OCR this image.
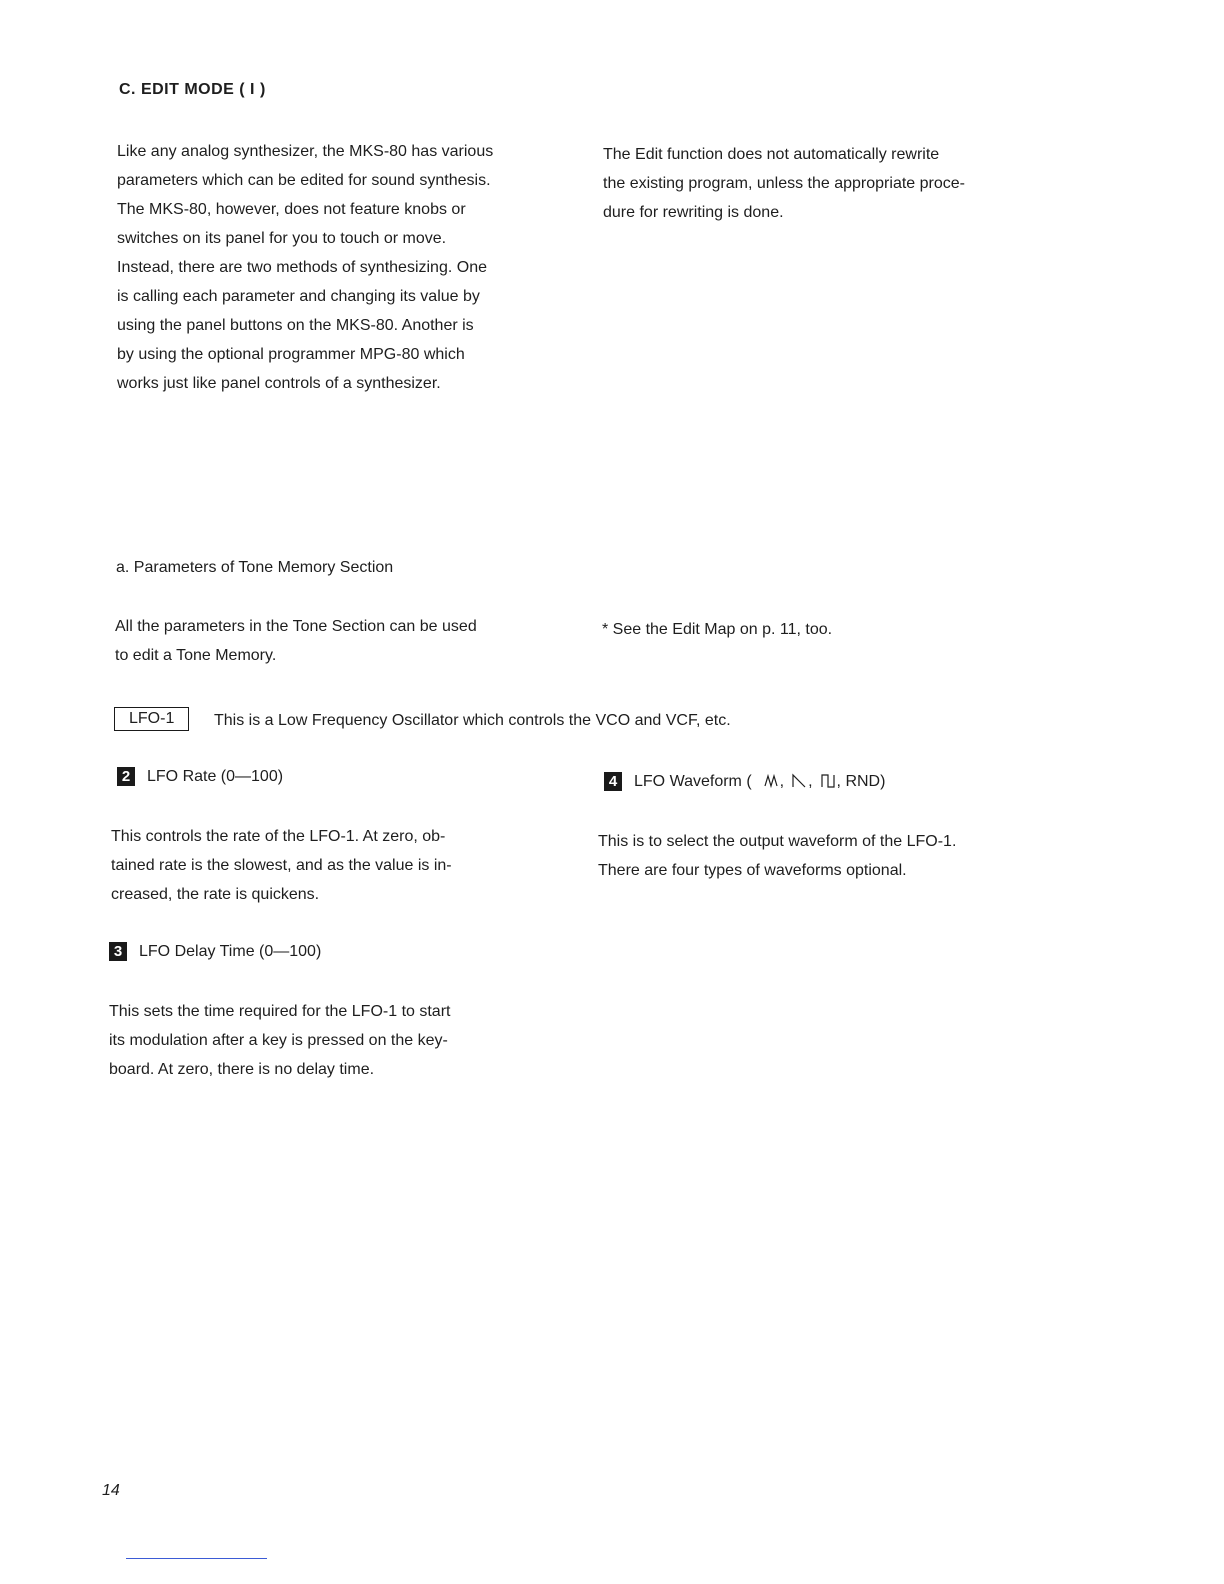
C. EDIT MODE ( I )
Like any analog synthesizer, the MKS-80 has various
parameters which can be edited for sound synthesis.
The MKS-80, however, does not feature knobs or
switches on its panel for you to touch or move.
Instead, there are two methods of synthesizing. One
is calling each parameter and changing its value by
using the panel buttons on the MKS-80. Another is
by using the optional programmer MPG-80 which
works just like panel controls of a synthesizer.
The Edit function does not automatically rewrite
the existing program, unless the appropriate proce-
dure for rewriting is done.
a. Parameters of Tone Memory Section
All the parameters in the Tone Section can be used
to edit a Tone Memory.
* See the Edit Map on p. 11, too.
LFO-1	This is a Low Frequency Oscillator which controls the VCO and VCF, etc.
2	LFO Rate (0—100)
This controls the rate of the LFO-1. At zero, ob-
tained rate is the slowest, and as the value is in-
creased, the rate is quickens.
3	LFO Delay Time (0—100)
This sets the time required for the LFO-1 to start
its modulation after a key is pressed on the key-
board. At zero, there is no delay time.
4	LFO Waveform ( , , , RND)
This is to select the output waveform of the LFO-1.
There are four types of waveforms optional.
14
